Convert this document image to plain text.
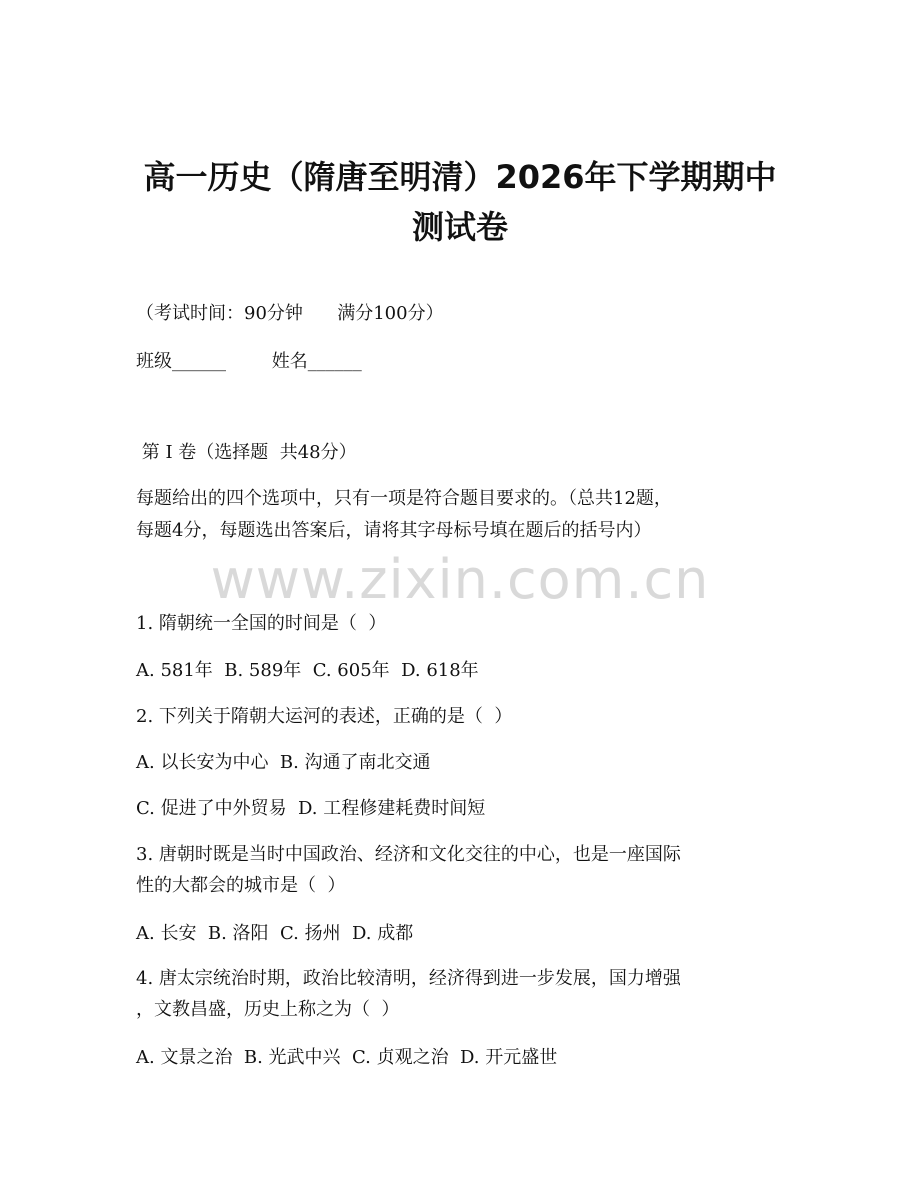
www.zixin.com.cn
高一历史（隋唐至明清）2026年下学期期中
测试卷
（考试时间：90分钟      满分100分）
班级______        姓名______
第 I 卷（选择题  共48分）
每题给出的四个选项中，只有一项是符合题目要求的。（总共12题，
每题4分，每题选出答案后，请将其字母标号填在题后的括号内）
1. 隋朝统一全国的时间是（  ）
A. 581年  B. 589年  C. 605年  D. 618年
2. 下列关于隋朝大运河的表述，正确的是（  ）
A. 以长安为中心  B. 沟通了南北交通
C. 促进了中外贸易  D. 工程修建耗费时间短
3. 唐朝时既是当时中国政治、经济和文化交往的中心，也是一座国际
性的大都会的城市是（  ）
A. 长安  B. 洛阳  C. 扬州  D. 成都
4. 唐太宗统治时期，政治比较清明，经济得到进一步发展，国力增强
，文教昌盛，历史上称之为（  ）
A. 文景之治  B. 光武中兴  C. 贞观之治  D. 开元盛世
